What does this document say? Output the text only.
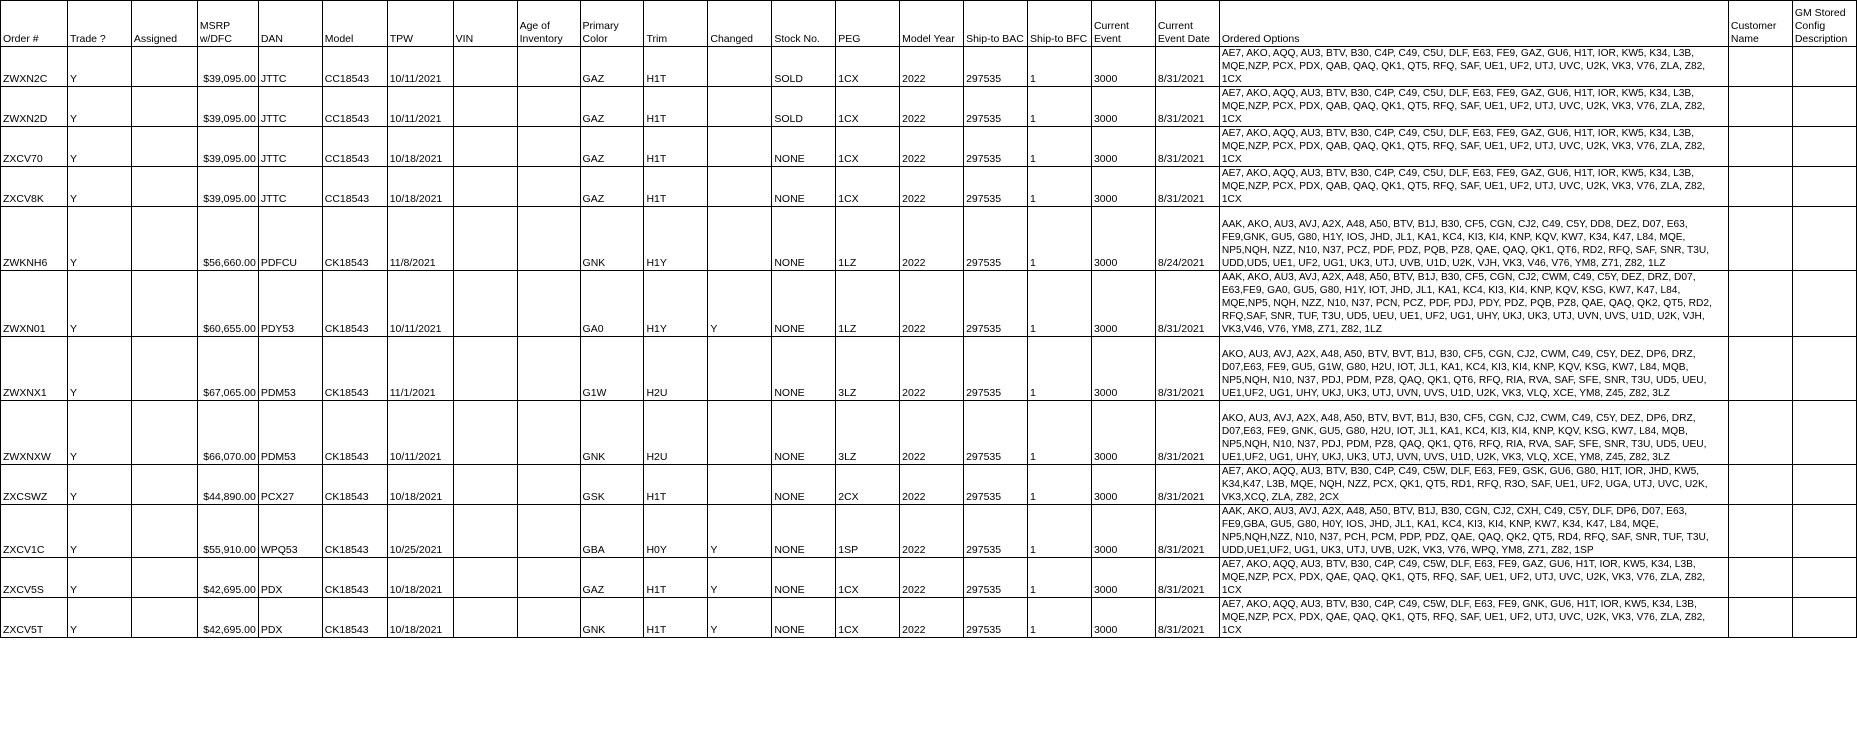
Order #	Trade ?	Assigned	MSRP w/DFC	DAN	Model	TPW	VIN	Age of Inventory	Primary Color	Trim	Changed	Stock No.	PEG	Model Year	Ship-to BAC	Ship-to BFC	Current Event	Current Event Date	Ordered Options	Customer Name	GM Stored Config Description
ZWXN2C	Y		$39,095.00	JTTC	CC18543	10/11/2021			GAZ	H1T		SOLD	1CX	2022	297535	1	3000	8/31/2021	AE7, AKO, AQQ, AU3, BTV, B30, C4P, C49, C5U, DLF, E63, FE9, GAZ, GU6, H1T, IOR, KW5, K34, L3B, MQE,NZP, PCX, PDX, QAB, QAQ, QK1, QT5, RFQ, SAF, UE1, UF2, UTJ, UVC, U2K, VK3, V76, ZLA, Z82, 1CX		
ZWXN2D	Y		$39,095.00	JTTC	CC18543	10/11/2021			GAZ	H1T		SOLD	1CX	2022	297535	1	3000	8/31/2021	AE7, AKO, AQQ, AU3, BTV, B30, C4P, C49, C5U, DLF, E63, FE9, GAZ, GU6, H1T, IOR, KW5, K34, L3B, MQE,NZP, PCX, PDX, QAB, QAQ, QK1, QT5, RFQ, SAF, UE1, UF2, UTJ, UVC, U2K, VK3, V76, ZLA, Z82, 1CX		
ZXCV70	Y		$39,095.00	JTTC	CC18543	10/18/2021			GAZ	H1T		NONE	1CX	2022	297535	1	3000	8/31/2021	AE7, AKO, AQQ, AU3, BTV, B30, C4P, C49, C5U, DLF, E63, FE9, GAZ, GU6, H1T, IOR, KW5, K34, L3B, MQE,NZP, PCX, PDX, QAB, QAQ, QK1, QT5, RFQ, SAF, UE1, UF2, UTJ, UVC, U2K, VK3, V76, ZLA, Z82, 1CX		
ZXCV8K	Y		$39,095.00	JTTC	CC18543	10/18/2021			GAZ	H1T		NONE	1CX	2022	297535	1	3000	8/31/2021	AE7, AKO, AQQ, AU3, BTV, B30, C4P, C49, C5U, DLF, E63, FE9, GAZ, GU6, H1T, IOR, KW5, K34, L3B, MQE,NZP, PCX, PDX, QAB, QAQ, QK1, QT5, RFQ, SAF, UE1, UF2, UTJ, UVC, U2K, VK3, V76, ZLA, Z82, 1CX		
ZWKNH6	Y		$56,660.00	PDFCU	CK18543	11/8/2021			GNK	H1Y		NONE	1LZ	2022	297535	1	3000	8/24/2021	AAK, AKO, AU3, AVJ, A2X, A48, A50, BTV, B1J, B30, CF5, CGN, CJ2, C49, C5Y, DD8, DEZ, D07, E63, FE9,GNK, GU5, G80, H1Y, IOS, JHD, JL1, KA1, KC4, KI3, KI4, KNP, KQV, KW7, K34, K47, L84, MQE, NP5,NQH, NZZ, N10, N37, PCZ, PDF, PDZ, PQB, PZ8, QAE, QAQ, QK1, QT6, RD2, RFQ, SAF, SNR, T3U, UDD,UD5, UE1, UF2, UG1, UK3, UTJ, UVB, U1D, U2K, VJH, VK3, V46, V76, YM8, Z71, Z82, 1LZ		
ZWXN01	Y		$60,655.00	PDY53	CK18543	10/11/2021			GA0	H1Y	Y	NONE	1LZ	2022	297535	1	3000	8/31/2021	AAK, AKO, AU3, AVJ, A2X, A48, A50, BTV, B1J, B30, CF5, CGN, CJ2, CWM, C49, C5Y, DEZ, DRZ, D07, E63,FE9, GA0, GU5, G80, H1Y, IOT, JHD, JL1, KA1, KC4, KI3, KI4, KNP, KQV, KSG, KW7, K47, L84, MQE,NP5, NQH, NZZ, N10, N37, PCN, PCZ, PDF, PDJ, PDY, PDZ, PQB, PZ8, QAE, QAQ, QK2, QT5, RD2, RFQ,SAF, SNR, TUF, T3U, UD5, UEU, UE1, UF2, UG1, UHY, UKJ, UK3, UTJ, UVN, UVS, U1D, U2K, VJH, VK3,V46, V76, YM8, Z71, Z82, 1LZ		
ZWXNX1	Y		$67,065.00	PDM53	CK18543	11/1/2021			G1W	H2U		NONE	3LZ	2022	297535	1	3000	8/31/2021	AKO, AU3, AVJ, A2X, A48, A50, BTV, BVT, B1J, B30, CF5, CGN, CJ2, CWM, C49, C5Y, DEZ, DP6, DRZ, D07,E63, FE9, GU5, G1W, G80, H2U, IOT, JL1, KA1, KC4, KI3, KI4, KNP, KQV, KSG, KW7, L84, MQB, NP5,NQH, N10, N37, PDJ, PDM, PZ8, QAQ, QK1, QT6, RFQ, RIA, RVA, SAF, SFE, SNR, T3U, UD5, UEU, UE1,UF2, UG1, UHY, UKJ, UK3, UTJ, UVN, UVS, U1D, U2K, VK3, VLQ, XCE, YM8, Z45, Z82, 3LZ		
ZWXNXW	Y		$66,070.00	PDM53	CK18543	10/11/2021			GNK	H2U		NONE	3LZ	2022	297535	1	3000	8/31/2021	AKO, AU3, AVJ, A2X, A48, A50, BTV, BVT, B1J, B30, CF5, CGN, CJ2, CWM, C49, C5Y, DEZ, DP6, DRZ, D07,E63, FE9, GNK, GU5, G80, H2U, IOT, JL1, KA1, KC4, KI3, KI4, KNP, KQV, KSG, KW7, L84, MQB, NP5,NQH, N10, N37, PDJ, PDM, PZ8, QAQ, QK1, QT6, RFQ, RIA, RVA, SAF, SFE, SNR, T3U, UD5, UEU, UE1,UF2, UG1, UHY, UKJ, UK3, UTJ, UVN, UVS, U1D, U2K, VK3, VLQ, XCE, YM8, Z45, Z82, 3LZ		
ZXCSWZ	Y		$44,890.00	PCX27	CK18543	10/18/2021			GSK	H1T		NONE	2CX	2022	297535	1	3000	8/31/2021	AE7, AKO, AQQ, AU3, BTV, B30, C4P, C49, C5W, DLF, E63, FE9, GSK, GU6, G80, H1T, IOR, JHD, KW5, K34,K47, L3B, MQE, NQH, NZZ, PCX, QK1, QT5, RD1, RFQ, R3O, SAF, UE1, UF2, UGA, UTJ, UVC, U2K, VK3,XCQ, ZLA, Z82, 2CX		
ZXCV1C	Y		$55,910.00	WPQ53	CK18543	10/25/2021			GBA	H0Y	Y	NONE	1SP	2022	297535	1	3000	8/31/2021	AAK, AKO, AU3, AVJ, A2X, A48, A50, BTV, B1J, B30, CGN, CJ2, CXH, C49, C5Y, DLF, DP6, D07, E63, FE9,GBA, GU5, G80, H0Y, IOS, JHD, JL1, KA1, KC4, KI3, KI4, KNP, KW7, K34, K47, L84, MQE, NP5,NQH,NZZ, N10, N37, PCH, PCM, PDP, PDZ, QAE, QAQ, QK2, QT5, RD4, RFQ, SAF, SNR, TUF, T3U, UDD,UE1,UF2, UG1, UK3, UTJ, UVB, U2K, VK3, V76, WPQ, YM8, Z71, Z82, 1SP		
ZXCV5S	Y		$42,695.00	PDX	CK18543	10/18/2021			GAZ	H1T	Y	NONE	1CX	2022	297535	1	3000	8/31/2021	AE7, AKO, AQQ, AU3, BTV, B30, C4P, C49, C5W, DLF, E63, FE9, GAZ, GU6, H1T, IOR, KW5, K34, L3B, MQE,NZP, PCX, PDX, QAE, QAQ, QK1, QT5, RFQ, SAF, UE1, UF2, UTJ, UVC, U2K, VK3, V76, ZLA, Z82, 1CX		
ZXCV5T	Y		$42,695.00	PDX	CK18543	10/18/2021			GNK	H1T	Y	NONE	1CX	2022	297535	1	3000	8/31/2021	AE7, AKO, AQQ, AU3, BTV, B30, C4P, C49, C5W, DLF, E63, FE9, GNK, GU6, H1T, IOR, KW5, K34, L3B, MQE,NZP, PCX, PDX, QAE, QAQ, QK1, QT5, RFQ, SAF, UE1, UF2, UTJ, UVC, U2K, VK3, V76, ZLA, Z82, 1CX		
